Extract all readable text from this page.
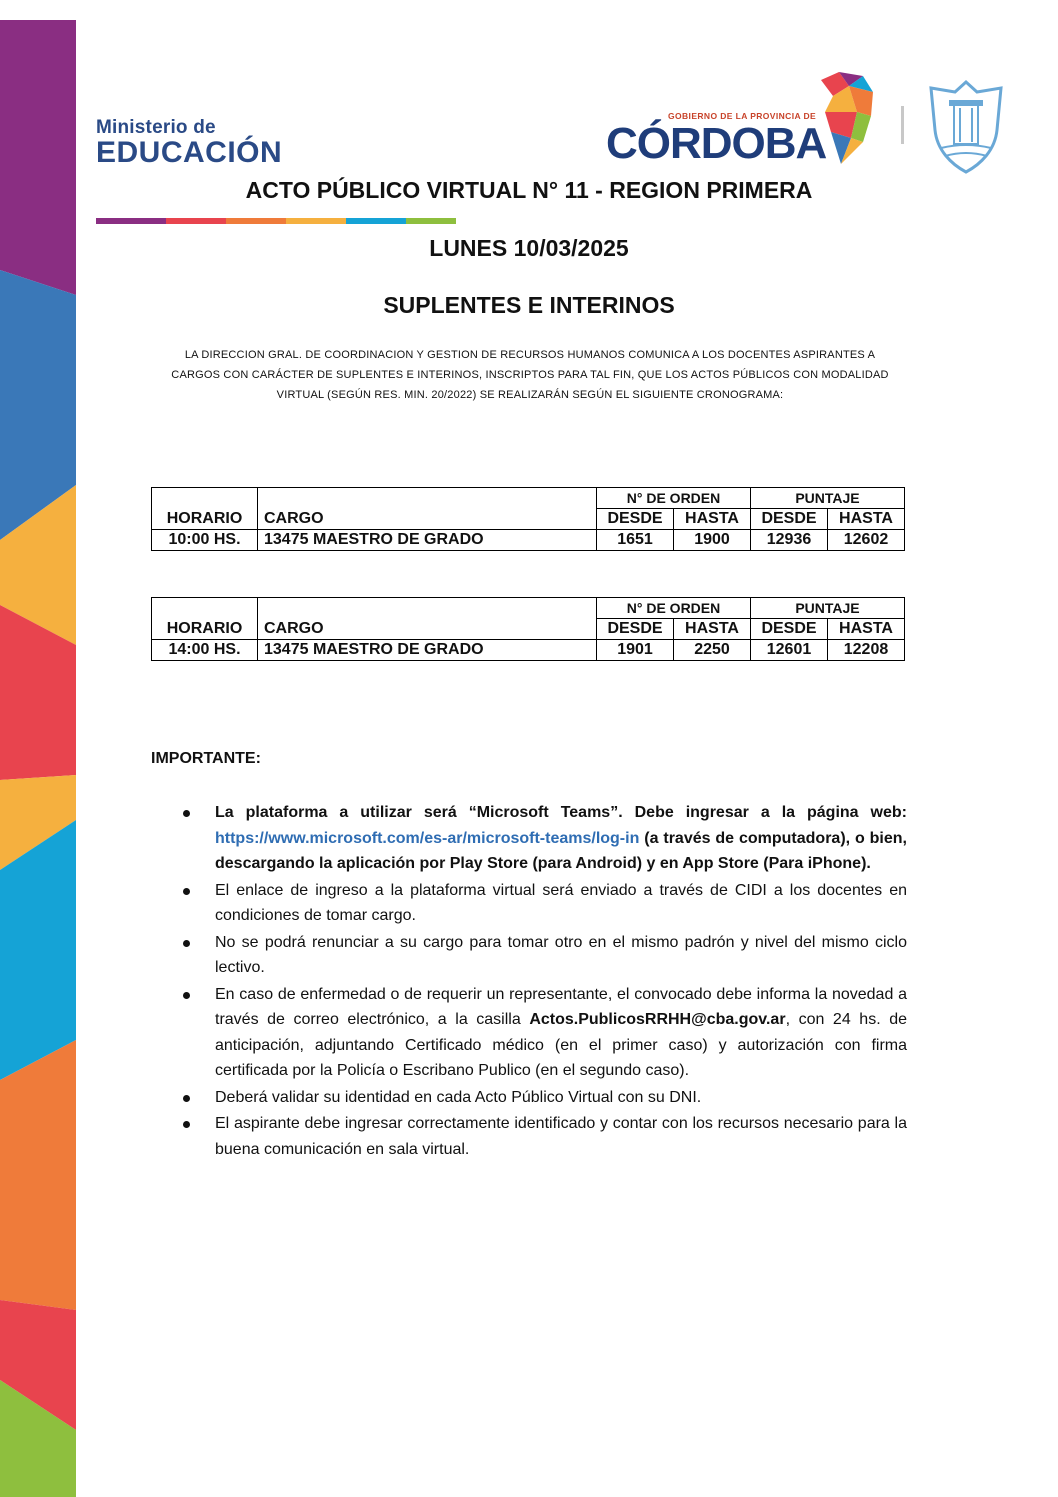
Ministerio de
EDUCACIÓN
GOBIERNO DE LA PROVINCIA DE
CÓRDOBA
ACTO PÚBLICO VIRTUAL N° 11 - REGION PRIMERA
LUNES 10/03/2025
SUPLENTES E INTERINOS
LA DIRECCION GRAL. DE COORDINACION Y GESTION DE RECURSOS HUMANOS COMUNICA A LOS DOCENTES ASPIRANTES A
CARGOS CON CARÁCTER DE SUPLENTES E INTERINOS, INSCRIPTOS PARA TAL FIN, QUE LOS ACTOS PÚBLICOS CON MODALIDAD
VIRTUAL (SEGÚN RES. MIN. 20/2022) SE REALIZARÁN SEGÚN EL SIGUIENTE CRONOGRAMA:
HORARIO	CARGO	N° DE ORDEN		PUNTAJE	
		DESDE	HASTA	DESDE	HASTA
10:00 HS.	13475 MAESTRO DE GRADO	1651	1900	12936	12602
HORARIO	CARGO	N° DE ORDEN		PUNTAJE	
		DESDE	HASTA	DESDE	HASTA
14:00 HS.	13475 MAESTRO DE GRADO	1901	2250	12601	12208
IMPORTANTE:
La plataforma a utilizar será “Microsoft Teams”. Debe ingresar a la página web: https://www.microsoft.com/es-ar/microsoft-teams/log-in (a través de computadora), o bien, descargando la aplicación por Play Store (para Android) y en App Store (Para iPhone).
El enlace de ingreso a la plataforma virtual será enviado a través de CIDI a los docentes en condiciones de tomar cargo.
No se podrá renunciar a su cargo para tomar otro en el mismo padrón y nivel del mismo ciclo lectivo.
En caso de enfermedad o de requerir un representante, el convocado debe informa la novedad a través de correo electrónico, a la casilla Actos.PublicosRRHH@cba.gov.ar, con 24 hs. de anticipación, adjuntando Certificado médico (en el primer caso) y autorización con firma certificada por la Policía o Escribano Publico (en el segundo caso).
Deberá validar su identidad en cada Acto Público Virtual con su DNI.
El aspirante debe ingresar correctamente identificado y contar con los recursos necesario para la buena comunicación en sala virtual.
